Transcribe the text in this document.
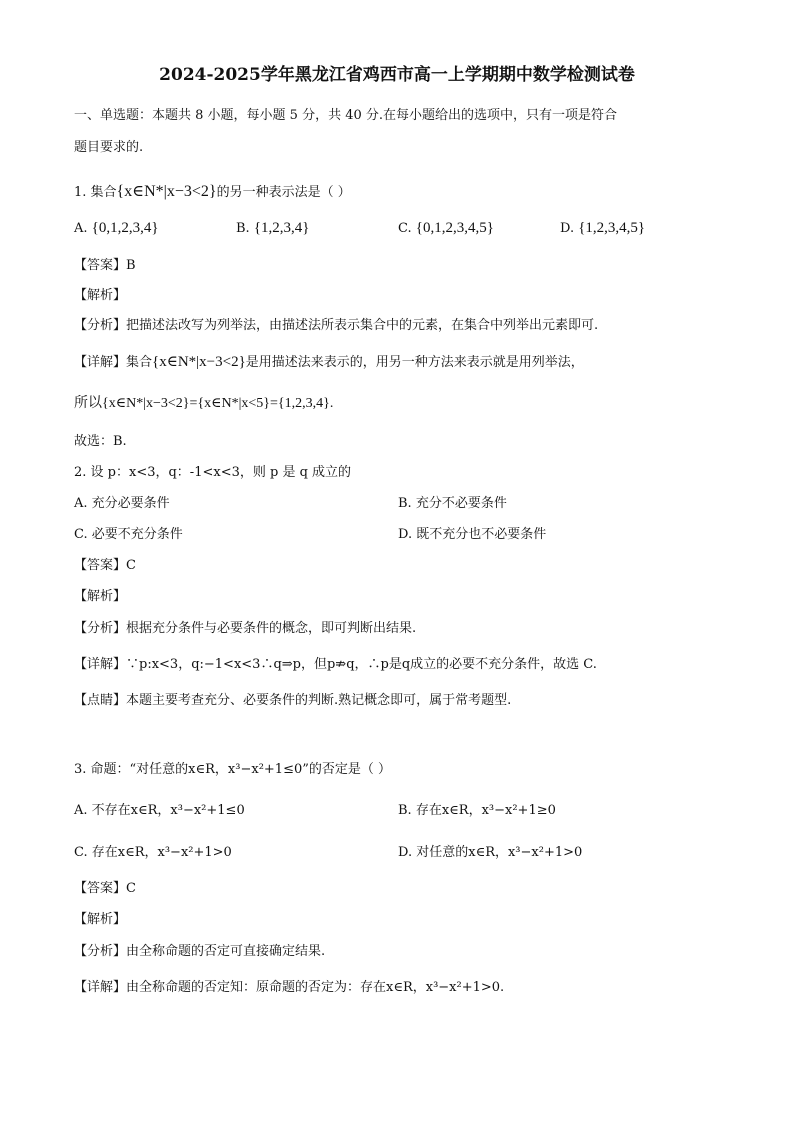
2024-2025学年黑龙江省鸡西市高一上学期期中数学检测试卷
一、单选题：本题共 8 小题，每小题 5 分，共 40 分.在每小题给出的选项中，只有一项是符合
题目要求的.
1. 集合{x∈N*|x−3<2}的另一种表示法是（ ）
A. {0,1,2,3,4}	B. {1,2,3,4}	C. {0,1,2,3,4,5}	D. {1,2,3,4,5}
【答案】B
【解析】
【分析】把描述法改写为列举法，由描述法所表示集合中的元素，在集合中列举出元素即可.
【详解】集合{x∈N*|x−3<2}是用描述法来表示的，用另一种方法来表示就是用列举法，
所以{x∈N*|x−3<2}={x∈N*|x<5}={1,2,3,4}.
故选：B.
2. 设 p：x<3，q：-1<x<3，则 p 是 q 成立的
A. 充分必要条件	B. 充分不必要条件
C. 必要不充分条件	D. 既不充分也不必要条件
【答案】C
【解析】
【分析】根据充分条件与必要条件的概念，即可判断出结果.
【详解】∵p:x<3，q:−1<x<3∴q⇒p，但p⇏q，∴p是q成立的必要不充分条件，故选 C.
【点睛】本题主要考查充分、必要条件的判断.熟记概念即可，属于常考题型.
3. 命题：“对任意的x∈R，x³−x²+1≤0”的否定是（ ）
A. 不存在x∈R，x³−x²+1≤0	B. 存在x∈R，x³−x²+1≥0
C. 存在x∈R，x³−x²+1>0	D. 对任意的x∈R，x³−x²+1>0
【答案】C
【解析】
【分析】由全称命题的否定可直接确定结果.
【详解】由全称命题的否定知：原命题的否定为：存在x∈R，x³−x²+1>0.
